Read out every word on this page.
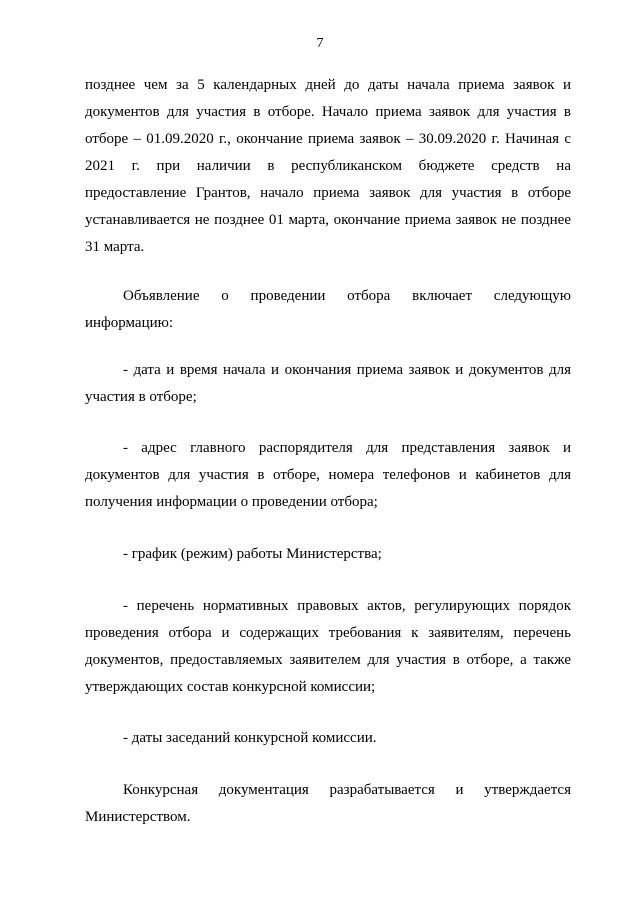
7

позднее чем за 5 календарных дней до даты начала приема заявок и документов для участия в отборе. Начало приема заявок для участия в отборе – 01.09.2020 г., окончание приема заявок – 30.09.2020 г. Начиная с 2021 г. при наличии в республиканском бюджете средств на предоставление Грантов, начало приема заявок для участия в отборе устанавливается не позднее 01 марта, окончание приема заявок не позднее 31 марта.

Объявление о проведении отбора включает следующую информацию:

- дата и время начала и окончания приема заявок и документов для участия в отборе;

- адрес главного распорядителя для представления заявок и документов для участия в отборе, номера телефонов и кабинетов для получения информации о проведении отбора;

- график (режим) работы Министерства;

- перечень нормативных правовых актов, регулирующих порядок проведения отбора и содержащих требования к заявителям, перечень документов, предоставляемых заявителем для участия в отборе, а также утверждающих состав конкурсной комиссии;

- даты заседаний конкурсной комиссии.

Конкурсная документация разрабатывается и утверждается Министерством.
